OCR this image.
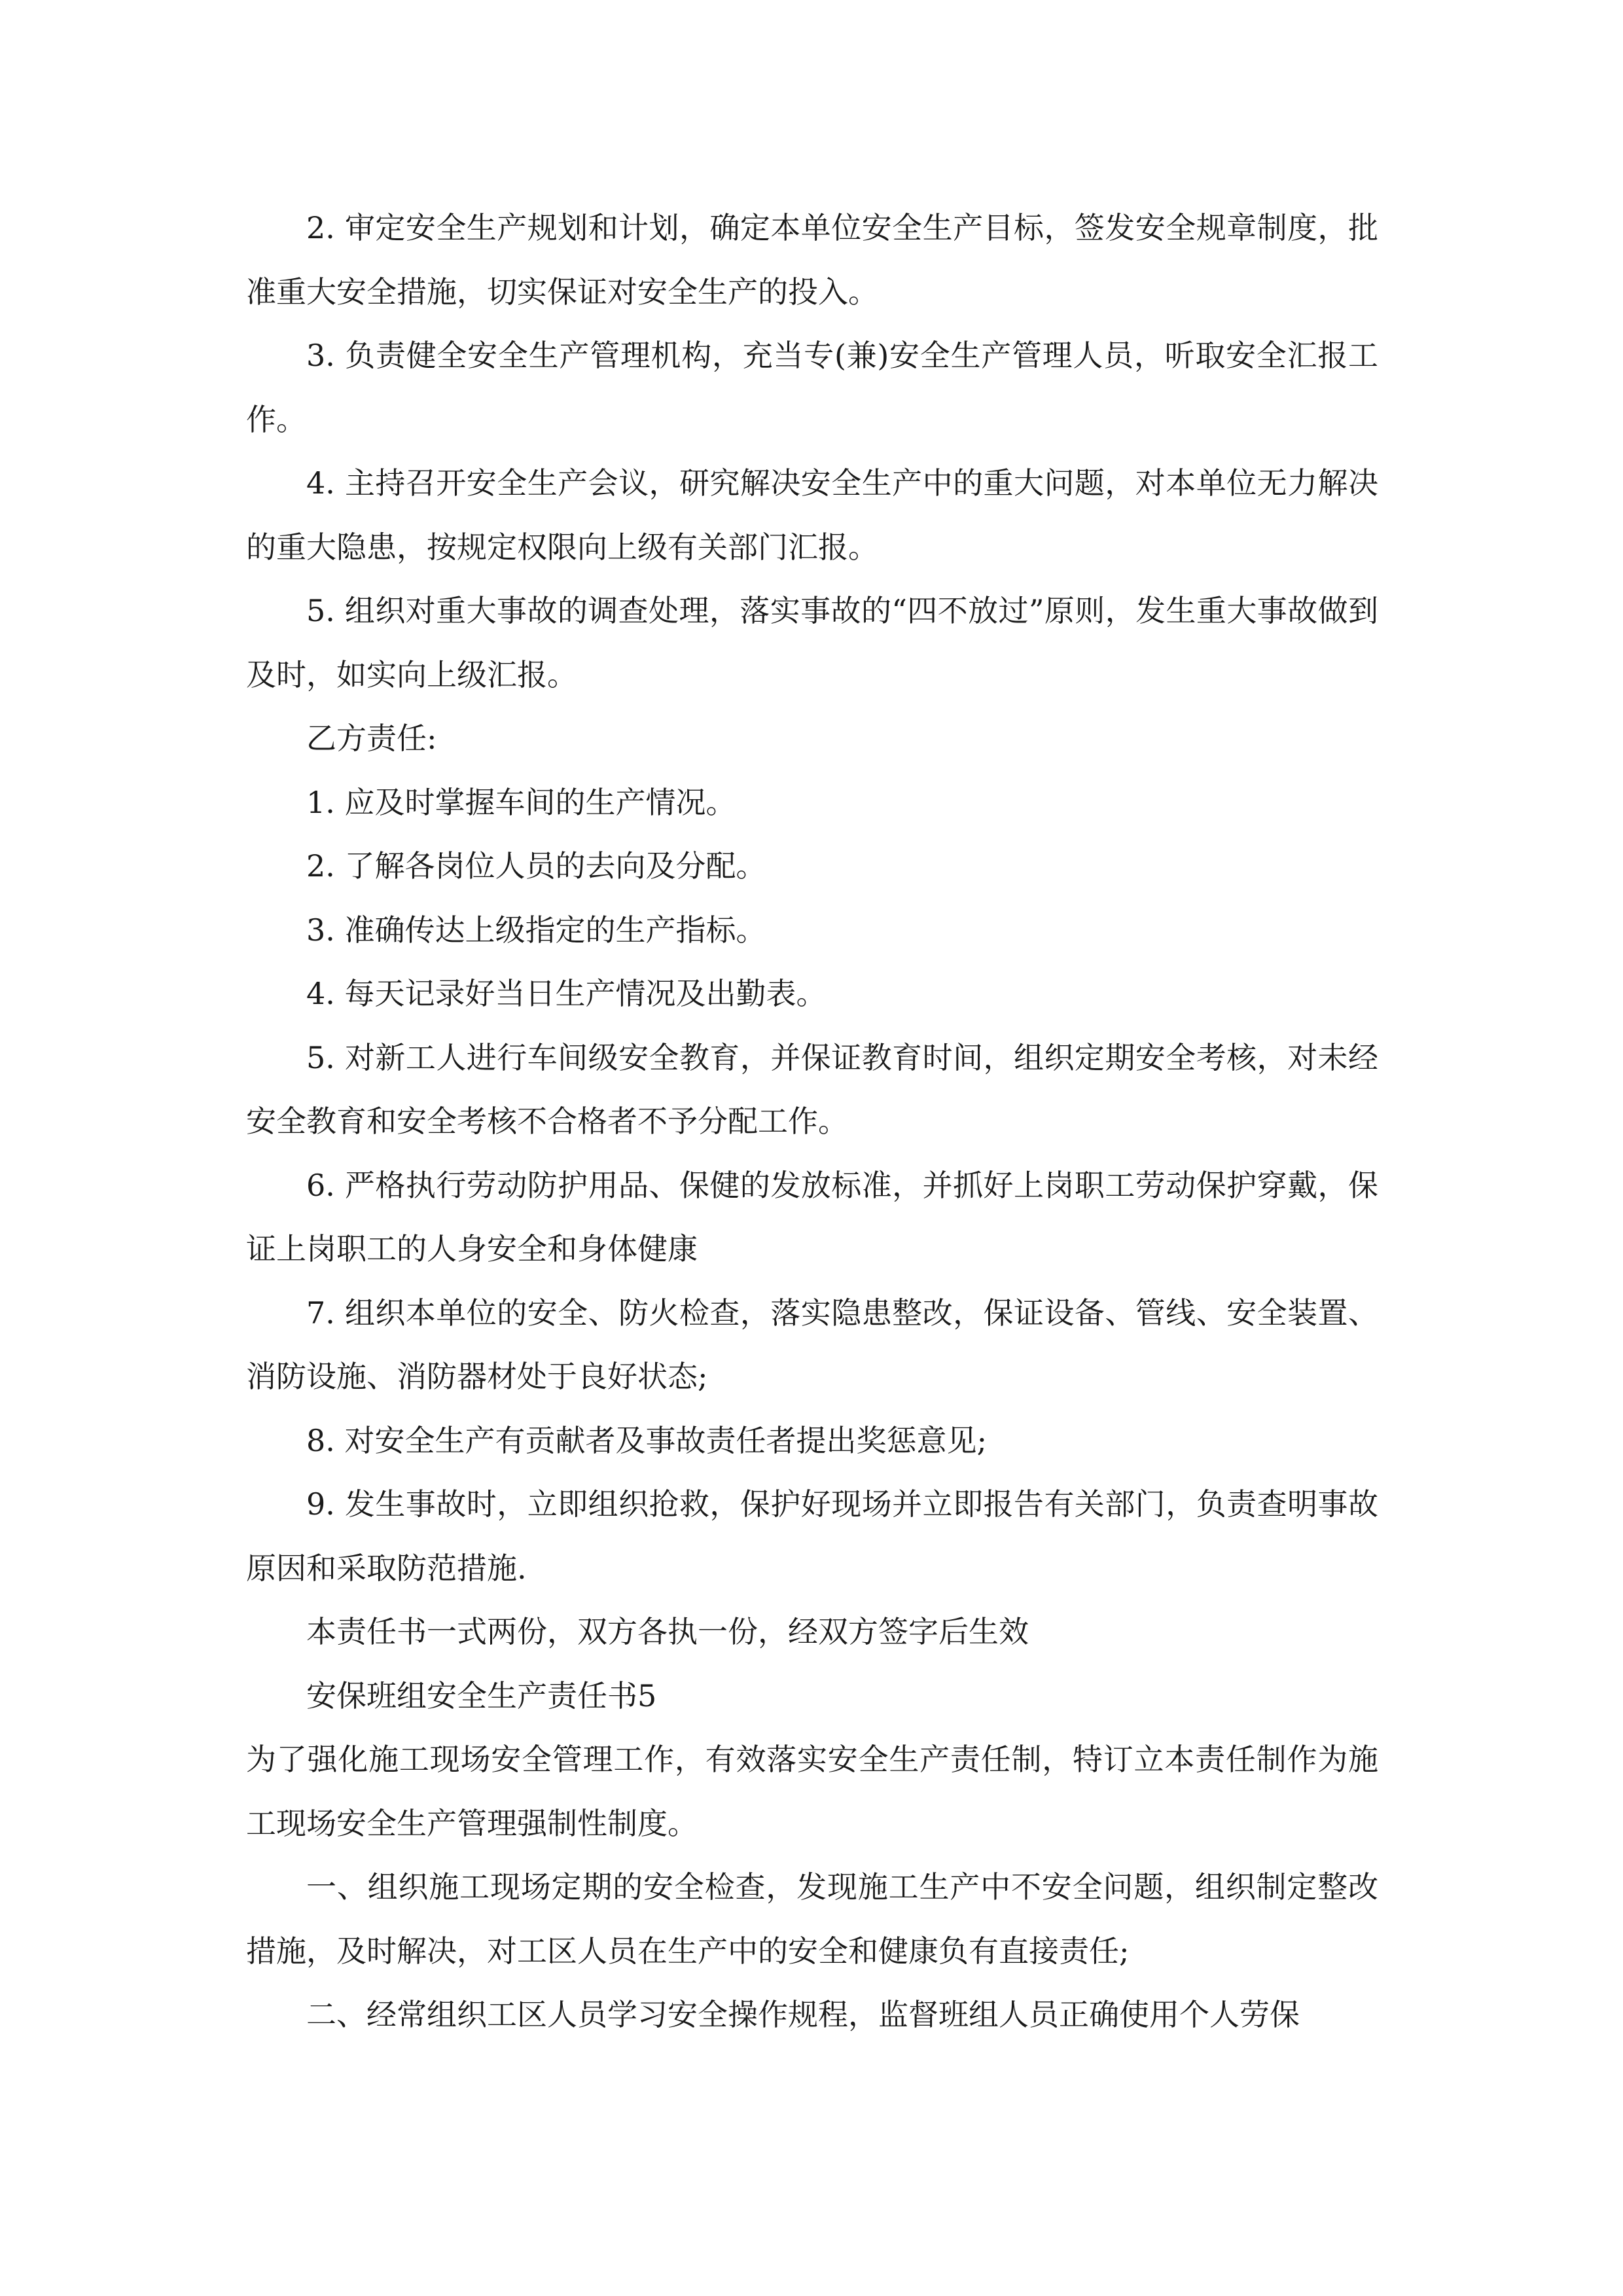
2. 审定安全生产规划和计划，确定本单位安全生产目标，签发安全规章制度，批准重大安全措施，切实保证对安全生产的投入。

3. 负责健全安全生产管理机构，充当专(兼)安全生产管理人员，听取安全汇报工作。

4. 主持召开安全生产会议，研究解决安全生产中的重大问题，对本单位无力解决的重大隐患，按规定权限向上级有关部门汇报。

5. 组织对重大事故的调查处理，落实事故的“四不放过”原则，发生重大事故做到及时，如实向上级汇报。

乙方责任:

1. 应及时掌握车间的生产情况。

2. 了解各岗位人员的去向及分配。

3. 准确传达上级指定的生产指标。

4. 每天记录好当日生产情况及出勤表。

5. 对新工人进行车间级安全教育，并保证教育时间，组织定期安全考核，对未经安全教育和安全考核不合格者不予分配工作。

6. 严格执行劳动防护用品、保健的发放标准，并抓好上岗职工劳动保护穿戴，保证上岗职工的人身安全和身体健康

7. 组织本单位的安全、防火检查，落实隐患整改，保证设备、管线、安全装置、消防设施、消防器材处于良好状态;

8. 对安全生产有贡献者及事故责任者提出奖惩意见;

9. 发生事故时，立即组织抢救，保护好现场并立即报告有关部门，负责查明事故原因和采取防范措施.

本责任书一式两份，双方各执一份，经双方签字后生效

安保班组安全生产责任书5

为了强化施工现场安全管理工作，有效落实安全生产责任制，特订立本责任制作为施工现场安全生产管理强制性制度。

一、组织施工现场定期的安全检查，发现施工生产中不安全问题，组织制定整改措施，及时解决，对工区人员在生产中的安全和健康负有直接责任;

二、经常组织工区人员学习安全操作规程，监督班组人员正确使用个人劳保
